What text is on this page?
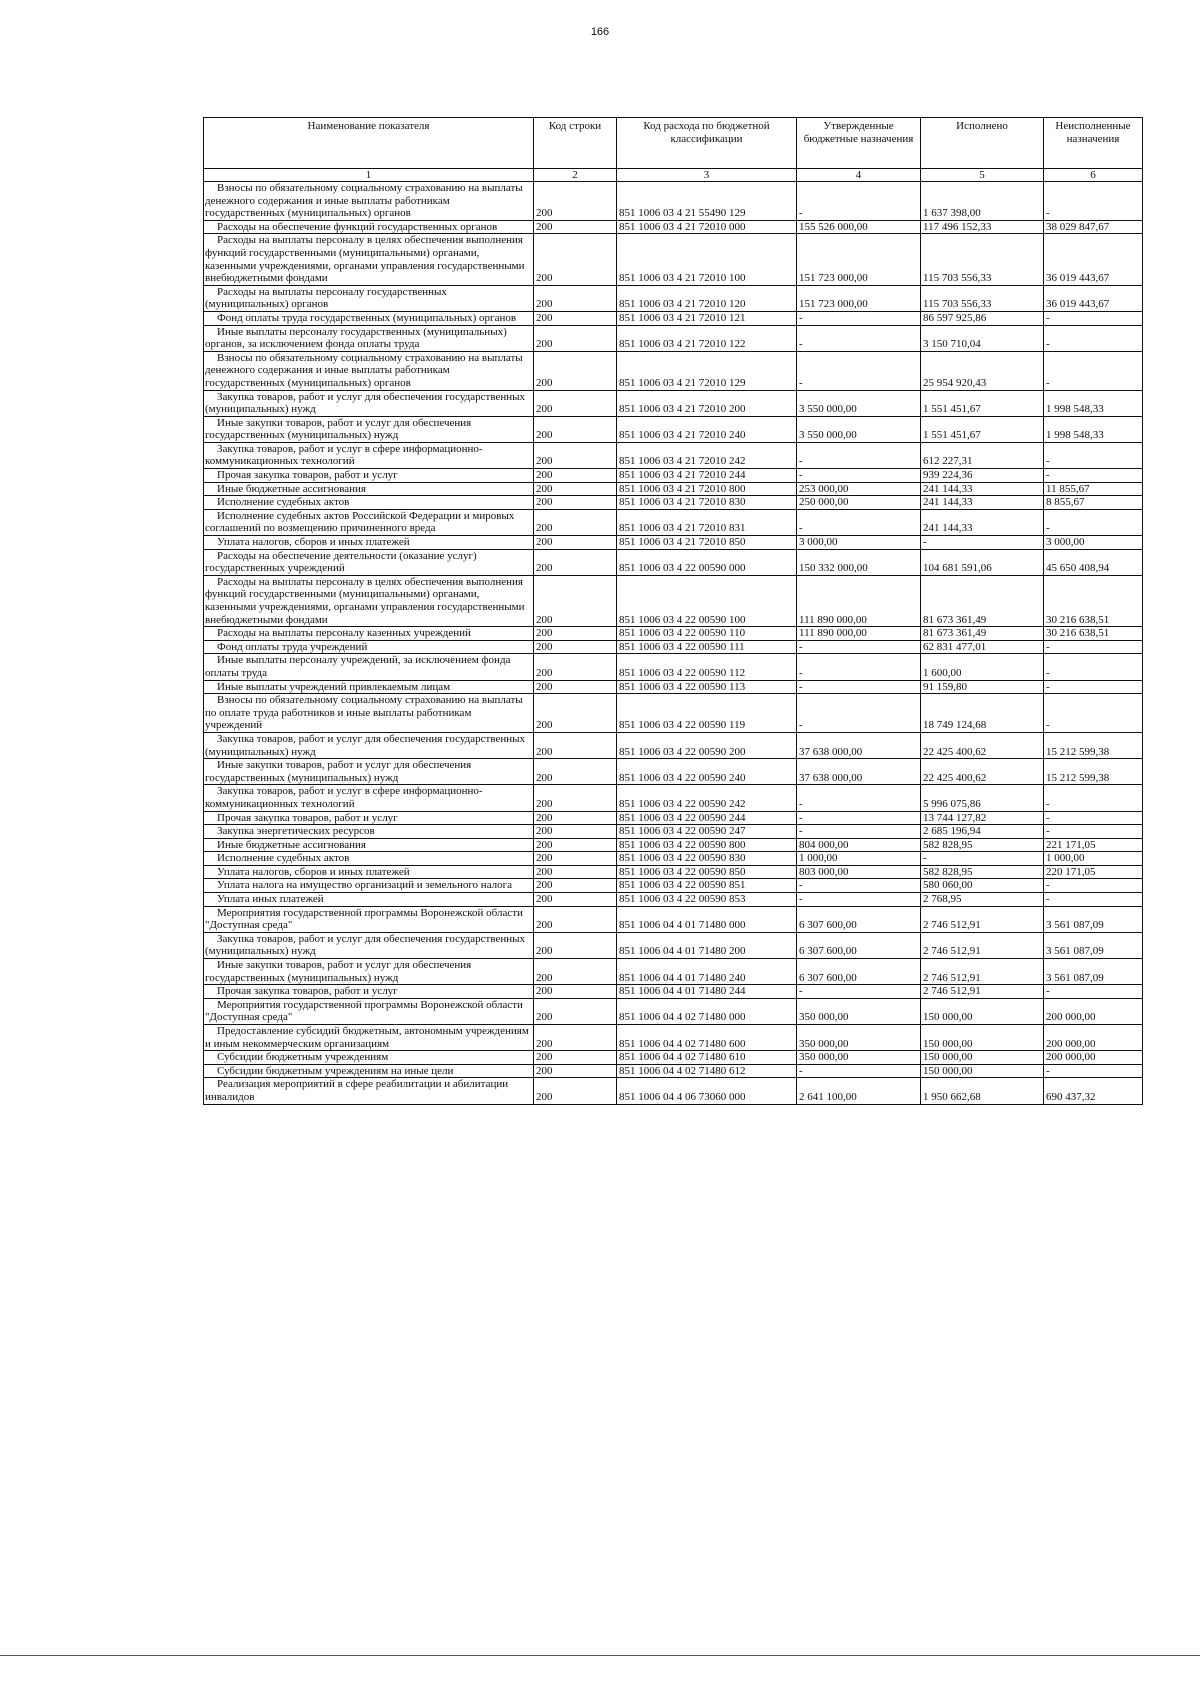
166
Наименование показателя	Код строки	Код расхода по бюджетной классификации	Утвержденные бюджетные назначения	Исполнено	Неисполненные назначения
1	2	3	4	5	6
Взносы по обязательному социальному страхованию на выплаты денежного содержания и иные выплаты работникам государственных (муниципальных) органов	200	851 1006 03 4 21 55490 129	-	1 637 398,00	-
Расходы на обеспечение функций государственных органов	200	851 1006 03 4 21 72010 000	155 526 000,00	117 496 152,33	38 029 847,67
Расходы на выплаты персоналу в целях обеспечения выполнения функций государственными (муниципальными) органами, казенными учреждениями, органами управления государственными внебюджетными фондами	200	851 1006 03 4 21 72010 100	151 723 000,00	115 703 556,33	36 019 443,67
Расходы на выплаты персоналу государственных (муниципальных) органов	200	851 1006 03 4 21 72010 120	151 723 000,00	115 703 556,33	36 019 443,67
Фонд оплаты труда государственных (муниципальных) органов	200	851 1006 03 4 21 72010 121	-	86 597 925,86	-
Иные выплаты персоналу государственных (муниципальных) органов, за исключением фонда оплаты труда	200	851 1006 03 4 21 72010 122	-	3 150 710,04	-
Взносы по обязательному социальному страхованию на выплаты денежного содержания и иные выплаты работникам государственных (муниципальных) органов	200	851 1006 03 4 21 72010 129	-	25 954 920,43	-
Закупка товаров, работ и услуг для обеспечения государственных (муниципальных) нужд	200	851 1006 03 4 21 72010 200	3 550 000,00	1 551 451,67	1 998 548,33
Иные закупки товаров, работ и услуг для обеспечения государственных (муниципальных) нужд	200	851 1006 03 4 21 72010 240	3 550 000,00	1 551 451,67	1 998 548,33
Закупка товаров, работ и услуг в сфере информационно-коммуникационных технологий	200	851 1006 03 4 21 72010 242	-	612 227,31	-
Прочая закупка товаров, работ и услуг	200	851 1006 03 4 21 72010 244	-	939 224,36	-
Иные бюджетные ассигнования	200	851 1006 03 4 21 72010 800	253 000,00	241 144,33	11 855,67
Исполнение судебных актов	200	851 1006 03 4 21 72010 830	250 000,00	241 144,33	8 855,67
Исполнение судебных актов Российской Федерации и мировых соглашений по возмещению причиненного вреда	200	851 1006 03 4 21 72010 831	-	241 144,33	-
Уплата налогов, сборов и иных платежей	200	851 1006 03 4 21 72010 850	3 000,00	-	3 000,00
Расходы на обеспечение деятельности (оказание услуг) государственных учреждений	200	851 1006 03 4 22 00590 000	150 332 000,00	104 681 591,06	45 650 408,94
Расходы на выплаты персоналу в целях обеспечения выполнения функций государственными (муниципальными) органами, казенными учреждениями, органами управления государственными внебюджетными фондами	200	851 1006 03 4 22 00590 100	111 890 000,00	81 673 361,49	30 216 638,51
Расходы на выплаты персоналу казенных учреждений	200	851 1006 03 4 22 00590 110	111 890 000,00	81 673 361,49	30 216 638,51
Фонд оплаты труда учреждений	200	851 1006 03 4 22 00590 111	-	62 831 477,01	-
Иные выплаты персоналу учреждений, за исключением фонда оплаты труда	200	851 1006 03 4 22 00590 112	-	1 600,00	-
Иные выплаты учреждений привлекаемым лицам	200	851 1006 03 4 22 00590 113	-	91 159,80	-
Взносы по обязательному социальному страхованию на выплаты по оплате труда работников и иные выплаты работникам учреждений	200	851 1006 03 4 22 00590 119	-	18 749 124,68	-
Закупка товаров, работ и услуг для обеспечения государственных (муниципальных) нужд	200	851 1006 03 4 22 00590 200	37 638 000,00	22 425 400,62	15 212 599,38
Иные закупки товаров, работ и услуг для обеспечения государственных (муниципальных) нужд	200	851 1006 03 4 22 00590 240	37 638 000,00	22 425 400,62	15 212 599,38
Закупка товаров, работ и услуг в сфере информационно-коммуникационных технологий	200	851 1006 03 4 22 00590 242	-	5 996 075,86	-
Прочая закупка товаров, работ и услуг	200	851 1006 03 4 22 00590 244	-	13 744 127,82	-
Закупка энергетических ресурсов	200	851 1006 03 4 22 00590 247	-	2 685 196,94	-
Иные бюджетные ассигнования	200	851 1006 03 4 22 00590 800	804 000,00	582 828,95	221 171,05
Исполнение судебных актов	200	851 1006 03 4 22 00590 830	1 000,00	-	1 000,00
Уплата налогов, сборов и иных платежей	200	851 1006 03 4 22 00590 850	803 000,00	582 828,95	220 171,05
Уплата налога на имущество организаций и земельного налога	200	851 1006 03 4 22 00590 851	-	580 060,00	-
Уплата иных платежей	200	851 1006 03 4 22 00590 853	-	2 768,95	-
Мероприятия государственной программы Воронежской области "Доступная среда"	200	851 1006 04 4 01 71480 000	6 307 600,00	2 746 512,91	3 561 087,09
Закупка товаров, работ и услуг для обеспечения государственных (муниципальных) нужд	200	851 1006 04 4 01 71480 200	6 307 600,00	2 746 512,91	3 561 087,09
Иные закупки товаров, работ и услуг для обеспечения государственных (муниципальных) нужд	200	851 1006 04 4 01 71480 240	6 307 600,00	2 746 512,91	3 561 087,09
Прочая закупка товаров, работ и услуг	200	851 1006 04 4 01 71480 244	-	2 746 512,91	-
Мероприятия государственной программы Воронежской области "Доступная среда"	200	851 1006 04 4 02 71480 000	350 000,00	150 000,00	200 000,00
Предоставление субсидий бюджетным, автономным учреждениям и иным некоммерческим организациям	200	851 1006 04 4 02 71480 600	350 000,00	150 000,00	200 000,00
Субсидии бюджетным учреждениям	200	851 1006 04 4 02 71480 610	350 000,00	150 000,00	200 000,00
Субсидии бюджетным учреждениям на иные цели	200	851 1006 04 4 02 71480 612	-	150 000,00	-
Реализация мероприятий в сфере реабилитации и абилитации инвалидов	200	851 1006 04 4 06 73060 000	2 641 100,00	1 950 662,68	690 437,32
